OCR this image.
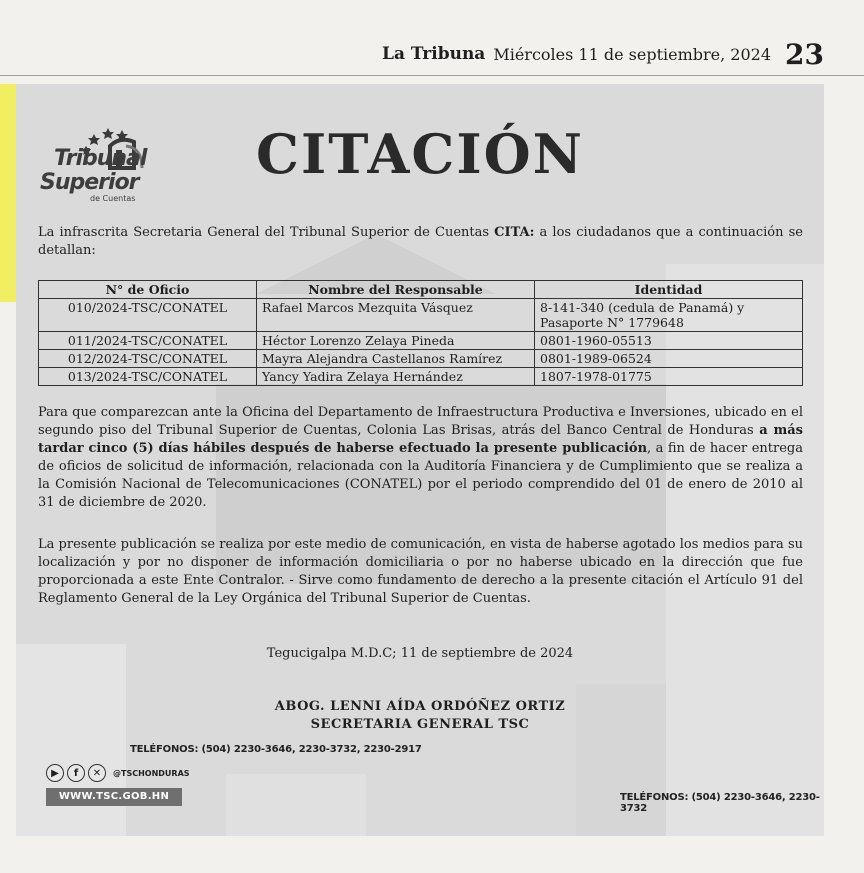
La Tribuna Miércoles 11 de septiembre, 2024 23
Tribunal
Superior
de Cuentas
CITACIÓN
La infrascrita Secretaria General del Tribunal Superior de Cuentas CITA: a los ciudadanos que a continuación se detallan:
N° de Oficio	Nombre del Responsable	Identidad
010/2024-TSC/CONATEL	Rafael Marcos Mezquita Vásquez	8-141-340 (cedula de Panamá) y Pasaporte N° 1779648
011/2024-TSC/CONATEL	Héctor Lorenzo Zelaya Pineda	0801-1960-05513
012/2024-TSC/CONATEL	Mayra Alejandra Castellanos Ramírez	0801-1989-06524
013/2024-TSC/CONATEL	Yancy Yadira Zelaya Hernández	1807-1978-01775
Para que comparezcan ante la Oficina del Departamento de Infraestructura Productiva e Inversiones, ubicado en el segundo piso del Tribunal Superior de Cuentas, Colonia Las Brisas, atrás del Banco Central de Honduras a más tardar cinco (5) días hábiles después de haberse efectuado la presente publicación, a fin de hacer entrega de oficios de solicitud de información, relacionada con la Auditoría Financiera y de Cumplimiento que se realiza a la Comisión Nacional de Telecomunicaciones (CONATEL) por el periodo comprendido del 01 de enero de 2010 al 31 de diciembre de 2020.
La presente publicación se realiza por este medio de comunicación, en vista de haberse agotado los medios para su localización y por no disponer de información domiciliaria o por no haberse ubicado en la dirección que fue proporcionada a este Ente Contralor. - Sirve como fundamento de derecho a la presente citación el Artículo 91 del Reglamento General de la Ley Orgánica del Tribunal Superior de Cuentas.
Tegucigalpa M.D.C; 11 de septiembre de 2024
ABOG. LENNI AÍDA ORDÓÑEZ ORTIZ
SECRETARIA GENERAL TSC
TELÉFONOS: (504) 2230-3646, 2230-3732, 2230-2917
▶	f	✕	@TSCHONDURAS
WWW.TSC.GOB.HN	TELÉFONOS: (504) 2230-3646, 2230-3732
